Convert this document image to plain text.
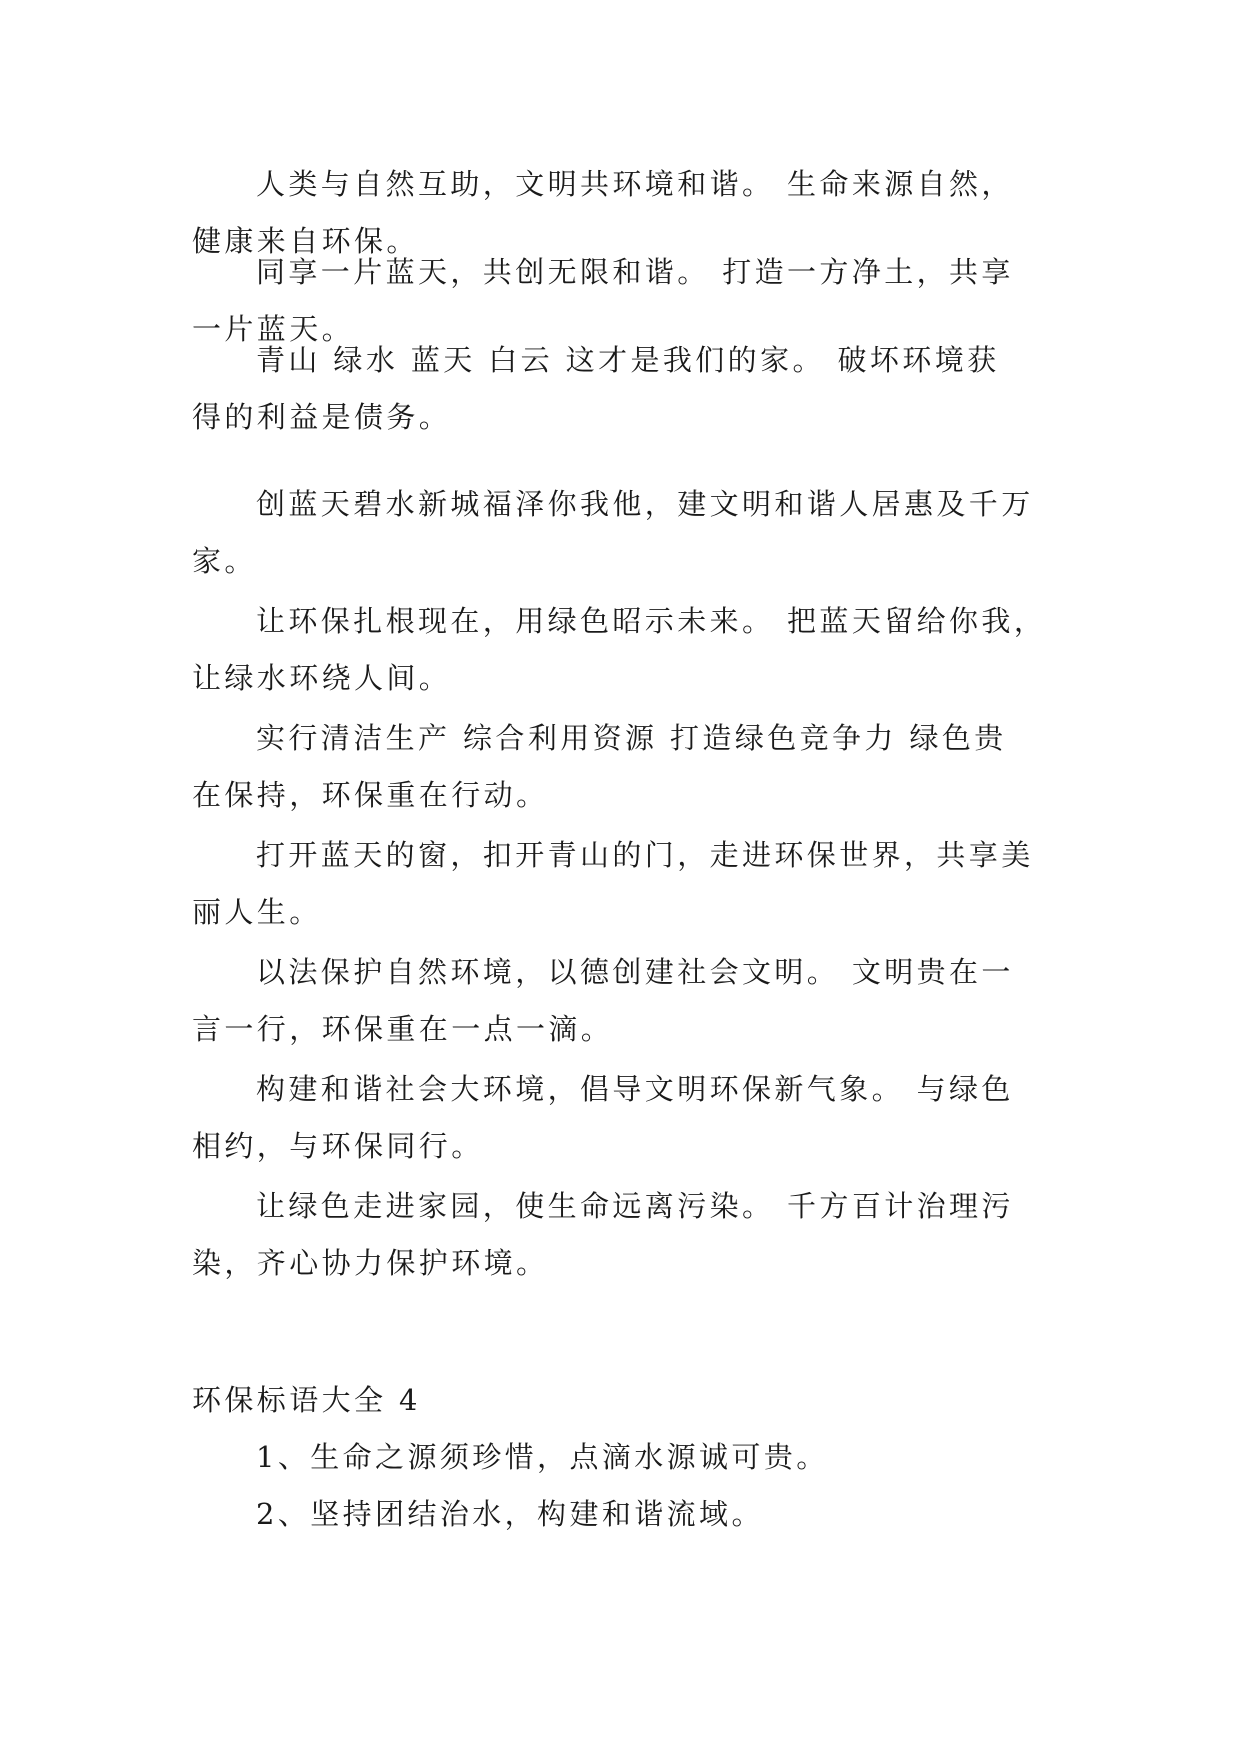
人类与自然互助，文明共环境和谐。 生命来源自然，
健康来自环保。

同享一片蓝天，共创无限和谐。 打造一方净土，共享
一片蓝天。

青山 绿水 蓝天 白云 这才是我们的家。 破坏环境获
得的利益是债务。

创蓝天碧水新城福泽你我他，建文明和谐人居惠及千万
家。

让环保扎根现在，用绿色昭示未来。 把蓝天留给你我，
让绿水环绕人间。

实行清洁生产 综合利用资源 打造绿色竞争力 绿色贵
在保持，环保重在行动。

打开蓝天的窗，扣开青山的门，走进环保世界，共享美
丽人生。

以法保护自然环境，以德创建社会文明。 文明贵在一
言一行，环保重在一点一滴。

构建和谐社会大环境，倡导文明环保新气象。 与绿色
相约，与环保同行。

让绿色走进家园，使生命远离污染。 千方百计治理污
染，齐心协力保护环境。

环保标语大全 4

1、生命之源须珍惜，点滴水源诚可贵。

2、坚持团结治水，构建和谐流域。
